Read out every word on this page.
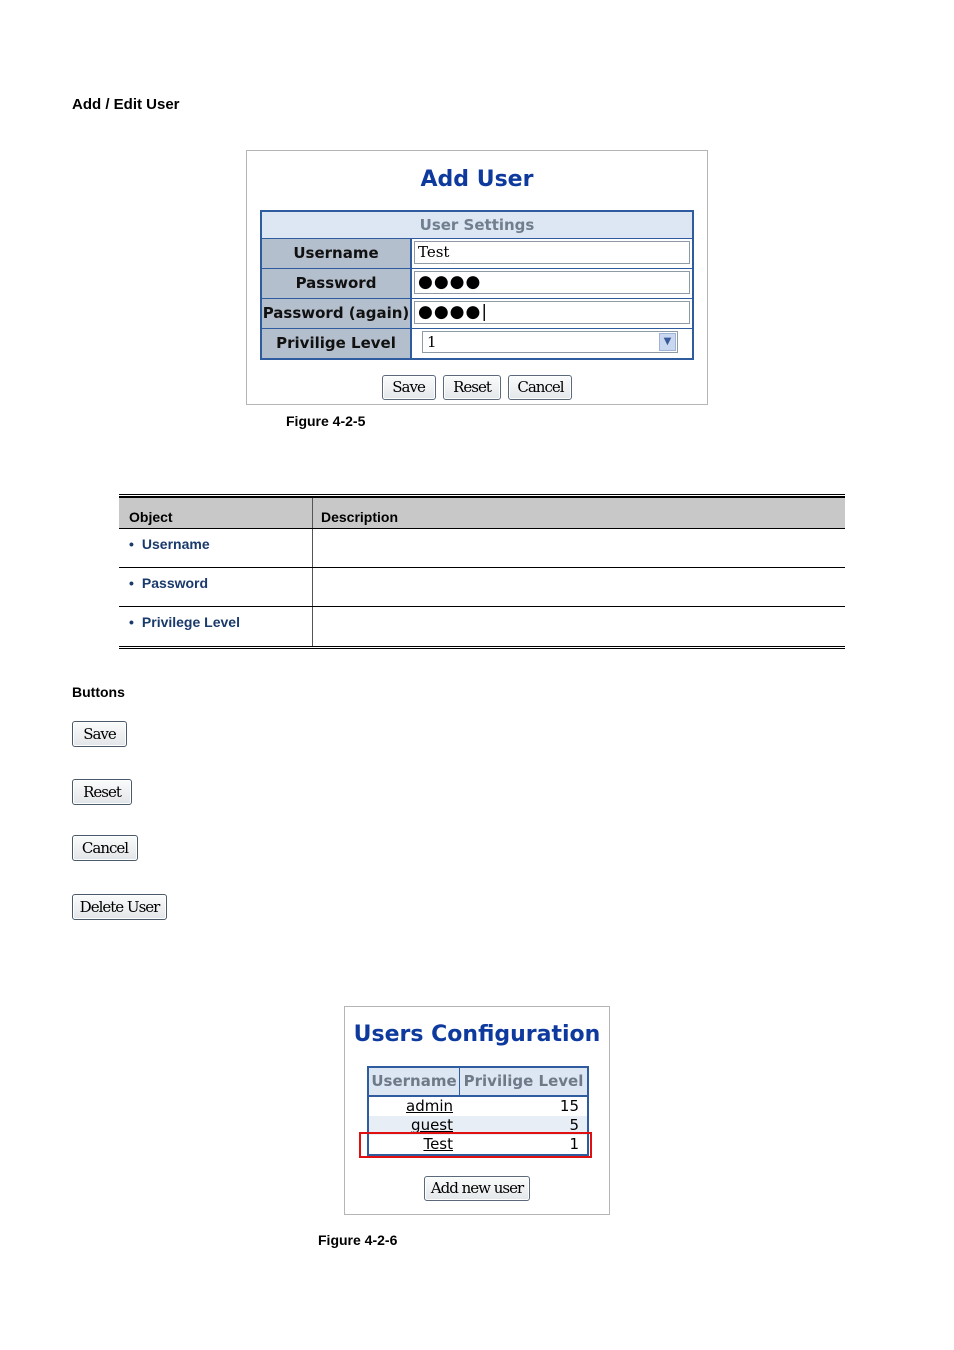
Add / Edit User
Add User
User Settings
Username	Test
Password	●●●●
Password (again) ●●●●|
Privilige Level	1	▼
Save Reset Cancel
Figure 4-2-5
Object	Description
• Username
• Password
• Privilege Level
Buttons
Save
Reset
Cancel
Delete User
Users Configuration
Username Privilige Level
admin	15
guest	5
Test	1
Add new user
Figure 4-2-6
